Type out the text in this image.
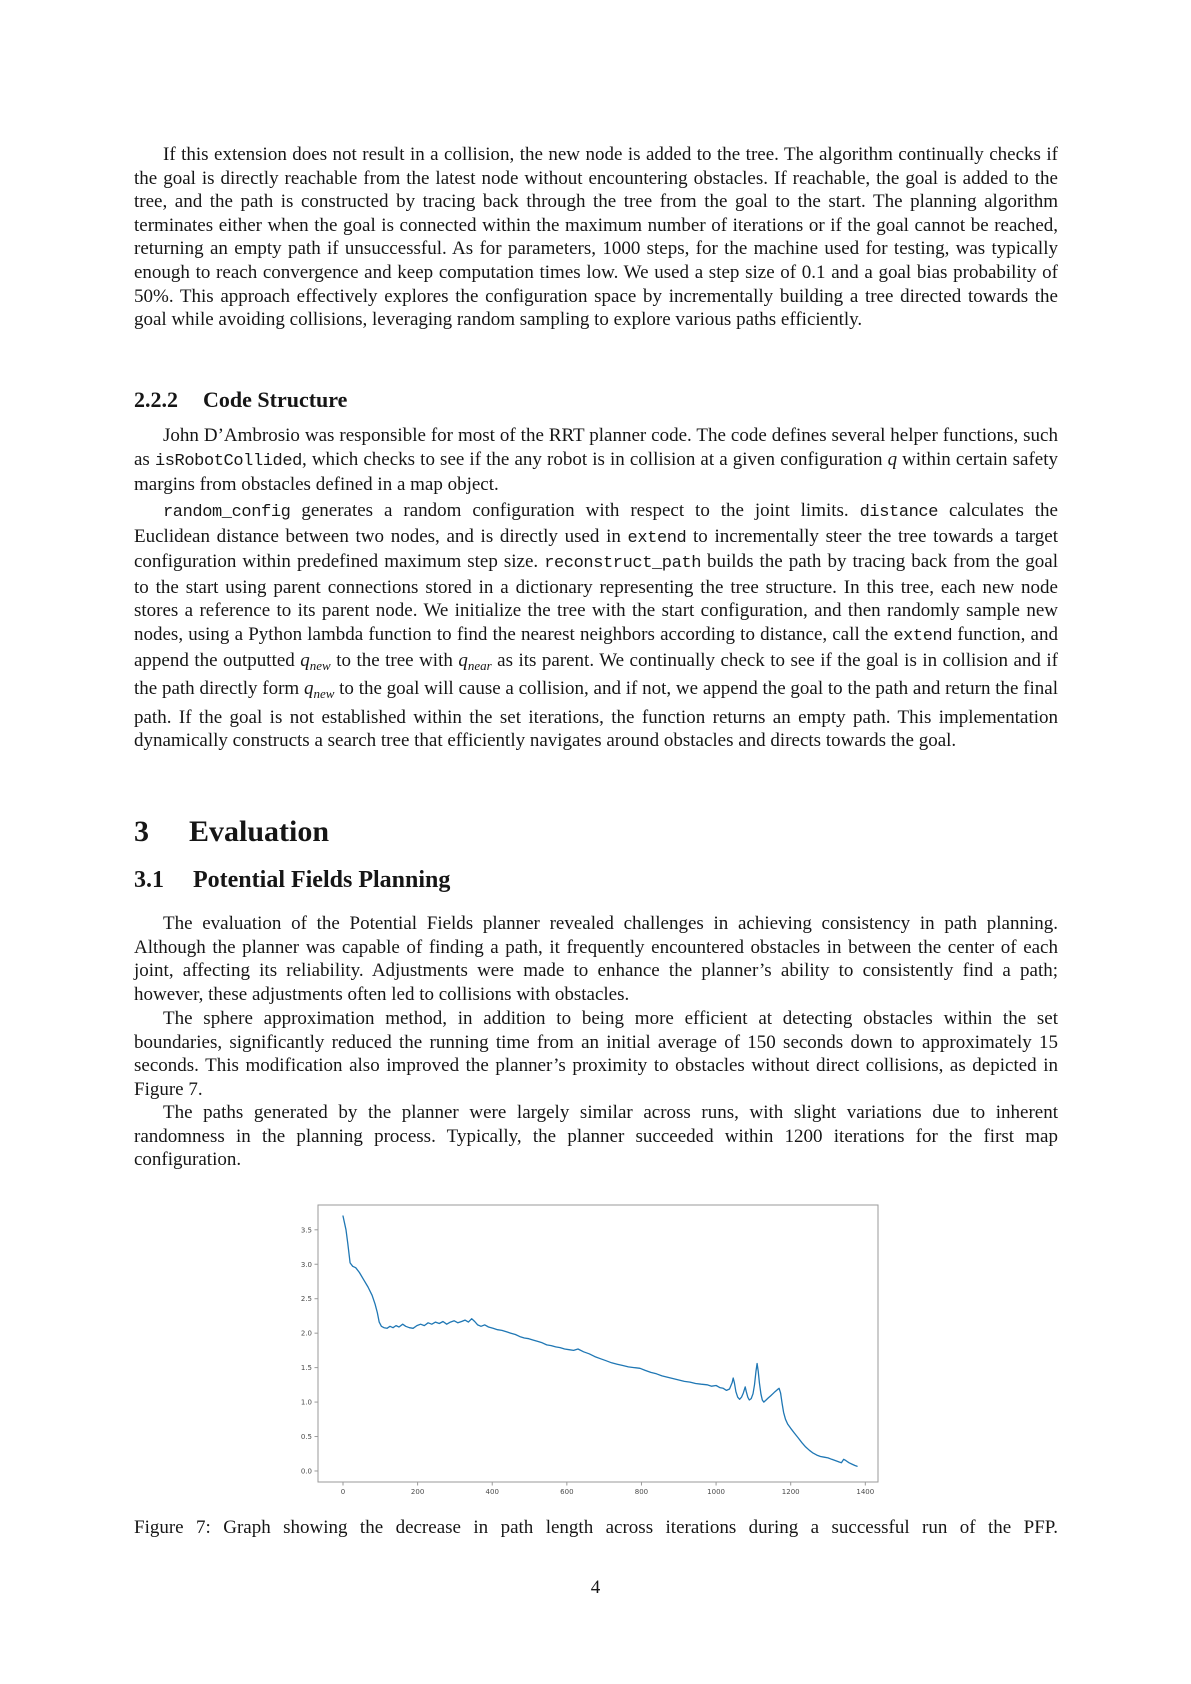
If this extension does not result in a collision, the new node is added to the tree. The algorithm continually checks if the goal is directly reachable from the latest node without encountering obstacles. If reachable, the goal is added to the tree, and the path is constructed by tracing back through the tree from the goal to the start. The planning algorithm terminates either when the goal is connected within the maximum number of iterations or if the goal cannot be reached, returning an empty path if unsuccessful. As for parameters, 1000 steps, for the machine used for testing, was typically enough to reach convergence and keep computation times low. We used a step size of 0.1 and a goal bias probability of 50%. This approach effectively explores the configuration space by incrementally building a tree directed towards the goal while avoiding collisions, leveraging random sampling to explore various paths efficiently.

2.2.2 Code Structure

John D’Ambrosio was responsible for most of the RRT planner code. The code defines several helper functions, such as isRobotCollided, which checks to see if the any robot is in collision at a given configuration q within certain safety margins from obstacles defined in a map object.

random_config generates a random configuration with respect to the joint limits. distance calculates the Euclidean distance between two nodes, and is directly used in extend to incrementally steer the tree towards a target configuration within predefined maximum step size. reconstruct_path builds the path by tracing back from the goal to the start using parent connections stored in a dictionary representing the tree structure. In this tree, each new node stores a reference to its parent node. We initialize the tree with the start configuration, and then randomly sample new nodes, using a Python lambda function to find the nearest neighbors according to distance, call the extend function, and append the outputted $q_{new}$ to the tree with $q_{near}$ as its parent. We continually check to see if the goal is in collision and if the path directly form $q_{new}$ to the goal will cause a collision, and if not, we append the goal to the path and return the final path. If the goal is not established within the set iterations, the function returns an empty path. This implementation dynamically constructs a search tree that efficiently navigates around obstacles and directs towards the goal.

3 Evaluation
3.1 Potential Fields Planning

The evaluation of the Potential Fields planner revealed challenges in achieving consistency in path planning. Although the planner was capable of finding a path, it frequently encountered obstacles in between the center of each joint, affecting its reliability. Adjustments were made to enhance the planner’s ability to consistently find a path; however, these adjustments often led to collisions with obstacles.

The sphere approximation method, in addition to being more efficient at detecting obstacles within the set boundaries, significantly reduced the running time from an initial average of 150 seconds down to approximately 15 seconds. This modification also improved the planner’s proximity to obstacles without direct collisions, as depicted in Figure 7.

The paths generated by the planner were largely similar across runs, with slight variations due to inherent randomness in the planning process. Typically, the planner succeeded within 1200 iterations for the first map configuration.

0	200	400	600	800	1000	1200	1400
0.0
0.5
1.0
1.5
2.0
2.5
3.0
3.5

Figure 7: Graph showing the decrease in path length across iterations during a successful run of the PFP.

4
